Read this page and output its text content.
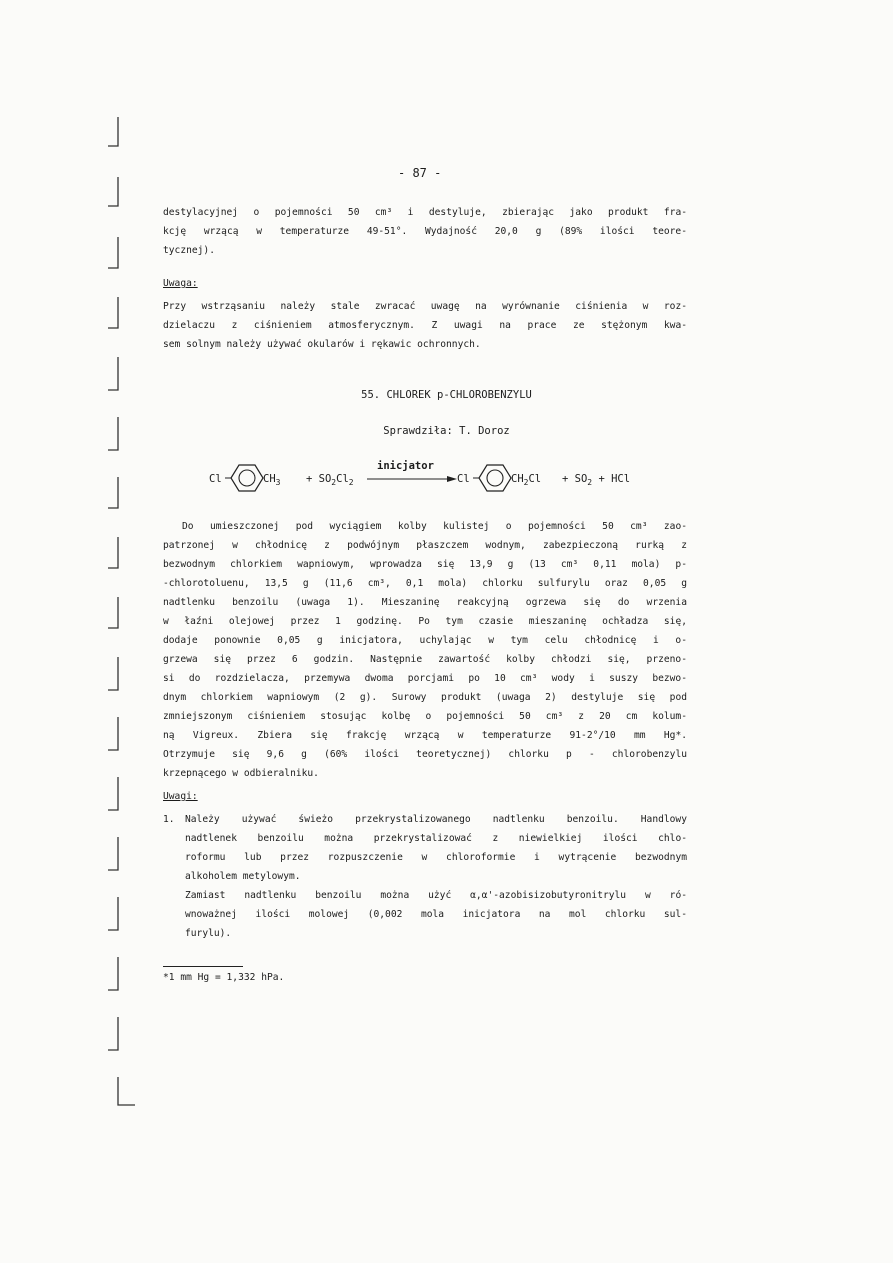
- 87 -
destylacyjnej o pojemności 50 cm³ i destyluje, zbierając jako produkt fra-
kcję wrzącą w temperaturze 49-51°. Wydajność 20,0 g (89% ilości teore-
tycznej).
Uwaga:
Przy wstrząsaniu należy stale zwracać uwagę na wyrównanie ciśnienia w roz-
dzielaczu z ciśnieniem atmosferycznym. Z uwagi na prace ze stężonym kwa-
sem solnym należy używać okularów i rękawic ochronnych.
55. CHLOREK p-CHLOROBENZYLU
Sprawdziła: T. Doroz
Cl	$CH_3 + SO_2Cl_2$
inicjator
Cl	$CH_2Cl + SO_2$ + HCl
Do umieszczonej pod wyciągiem kolby kulistej o pojemności 50 cm³ zao-
patrzonej w chłodnicę z podwójnym płaszczem wodnym, zabezpieczoną rurką z
bezwodnym chlorkiem wapniowym, wprowadza się 13,9 g (13 cm³ 0,11 mola) p-
-chlorotoluenu, 13,5 g (11,6 cm³, 0,1 mola) chlorku sulfurylu oraz 0,05 g
nadtlenku benzoilu (uwaga 1). Mieszaninę reakcyjną ogrzewa się do wrzenia
w łaźni olejowej przez 1 godzinę. Po tym czasie mieszaninę ochładza się,
dodaje ponownie 0,05 g inicjatora, uchylając w tym celu chłodnicę i o-
grzewa się przez 6 godzin. Następnie zawartość kolby chłodzi się, przeno-
si do rozdzielacza, przemywa dwoma porcjami po 10 cm³ wody i suszy bezwo-
dnym chlorkiem wapniowym (2 g). Surowy produkt (uwaga 2) destyluje się pod
zmniejszonym ciśnieniem stosując kolbę o pojemności 50 cm³ z 20 cm kolum-
ną Vigreux. Zbiera się frakcję wrzącą w temperaturze 91-2°/10 mm Hg*.
Otrzymuje się 9,6 g (60% ilości teoretycznej) chlorku p - chlorobenzylu
krzepnącego w odbieralniku.
Uwagi:
1. Należy używać świeżo przekrystalizowanego nadtlenku benzoilu. Handlowy
nadtlenek benzoilu można przekrystalizować z niewielkiej ilości chlo-
roformu lub przez rozpuszczenie w chloroformie i wytrącenie bezwodnym
alkoholem metylowym.
Zamiast nadtlenku benzoilu można użyć α,α'-azobisizobutyronitrylu w ró-
wnoważnej ilości molowej (0,002 mola inicjatora na mol chlorku sul-
furylu).
*1 mm Hg = 1,332 hPa.
